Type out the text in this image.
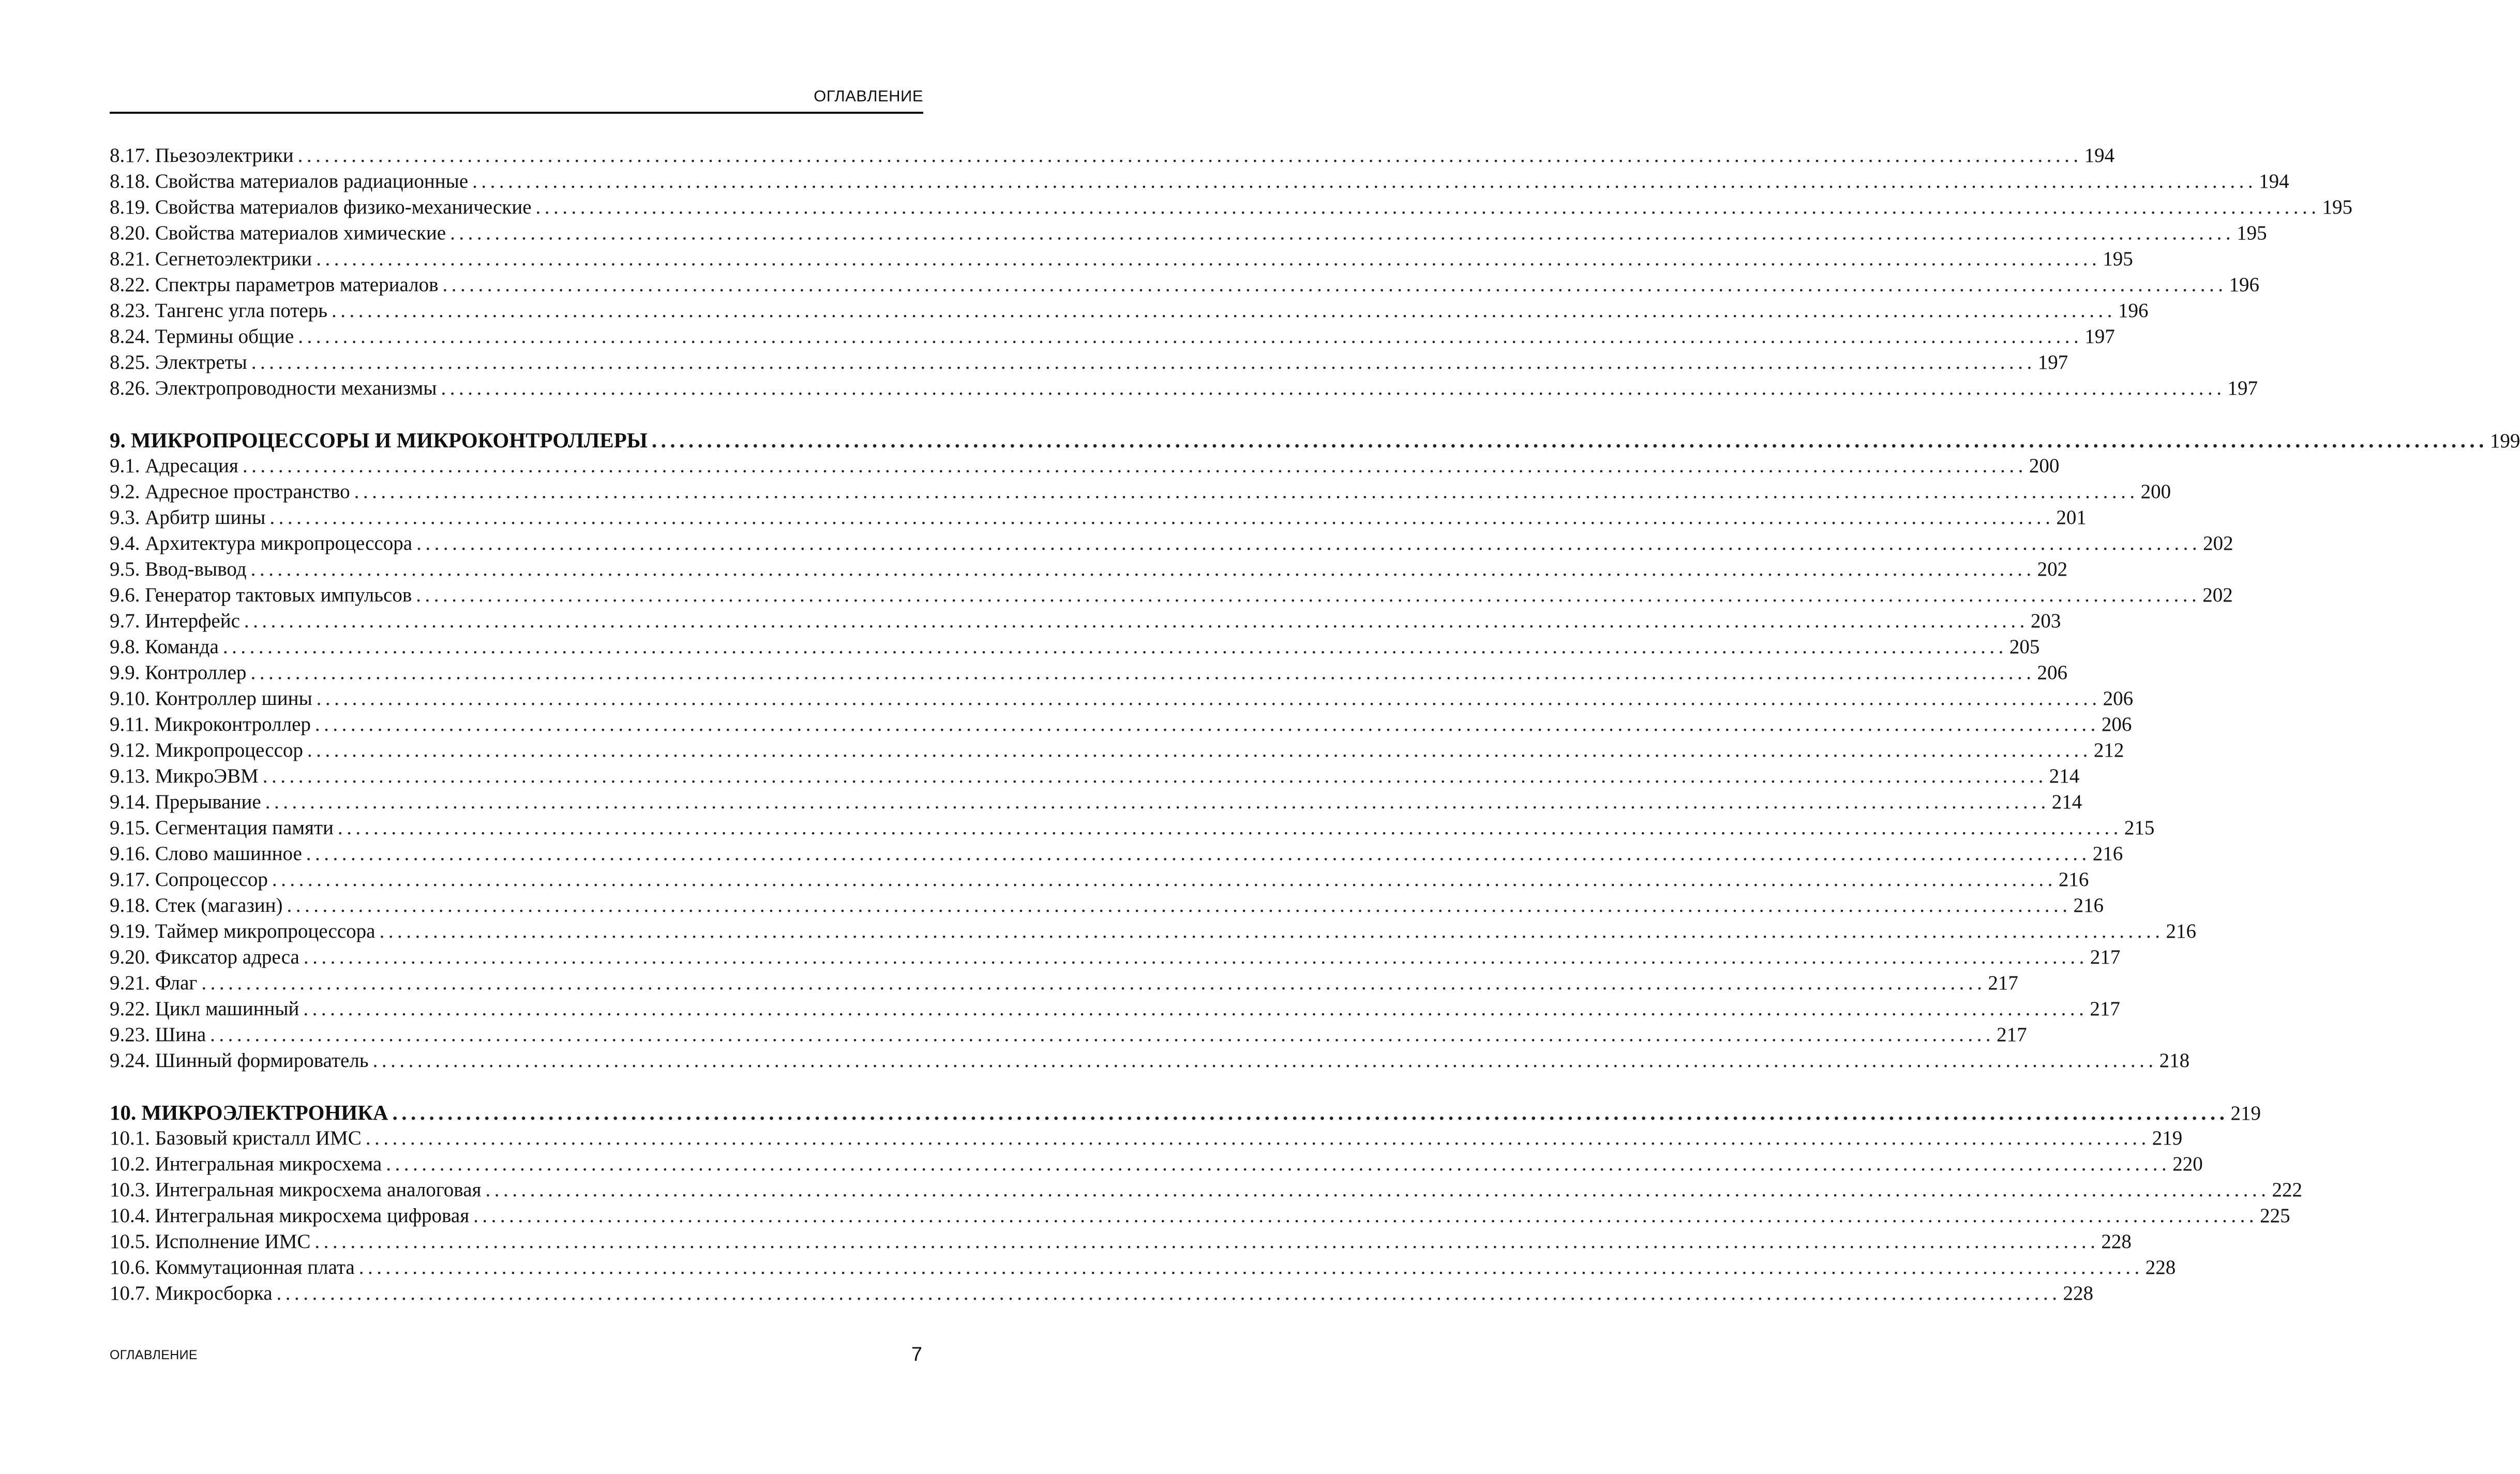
ОГЛАВЛЕНИЕ
8.17. Пьезоэлектрики ........................................................................................................................................................................................................ 194
8.18. Свойства материалов радиационные ........................................................................................................................................................................................................ 194
8.19. Свойства материалов физико-механические ........................................................................................................................................................................................................ 195
8.20. Свойства материалов химические ........................................................................................................................................................................................................ 195
8.21. Сегнетоэлектрики ........................................................................................................................................................................................................ 195
8.22. Спектры параметров материалов ........................................................................................................................................................................................................ 196
8.23. Тангенс угла потерь ........................................................................................................................................................................................................ 196
8.24. Термины общие ........................................................................................................................................................................................................ 197
8.25. Электреты ........................................................................................................................................................................................................ 197
8.26. Электропроводности механизмы ........................................................................................................................................................................................................ 197
9. МИКРОПРОЦЕССОРЫ И МИКРОКОНТРОЛЛЕРЫ ........................................................................................................................................................................................................ 199
9.1. Адресация ........................................................................................................................................................................................................ 200
9.2. Адресное пространство ........................................................................................................................................................................................................ 200
9.3. Арбитр шины ........................................................................................................................................................................................................ 201
9.4. Архитектура микропроцессора ........................................................................................................................................................................................................ 202
9.5. Ввод-вывод ........................................................................................................................................................................................................ 202
9.6. Генератор тактовых импульсов ........................................................................................................................................................................................................ 202
9.7. Интерфейс ........................................................................................................................................................................................................ 203
9.8. Команда ........................................................................................................................................................................................................ 205
9.9. Контроллер ........................................................................................................................................................................................................ 206
9.10. Контроллер шины ........................................................................................................................................................................................................ 206
9.11. Микроконтроллер ........................................................................................................................................................................................................ 206
9.12. Микропроцессор ........................................................................................................................................................................................................ 212
9.13. МикроЭВМ ........................................................................................................................................................................................................ 214
9.14. Прерывание ........................................................................................................................................................................................................ 214
9.15. Сегментация памяти ........................................................................................................................................................................................................ 215
9.16. Слово машинное ........................................................................................................................................................................................................ 216
9.17. Сопроцессор ........................................................................................................................................................................................................ 216
9.18. Стек (магазин) ........................................................................................................................................................................................................ 216
9.19. Таймер микропроцессора ........................................................................................................................................................................................................ 216
9.20. Фиксатор адреса ........................................................................................................................................................................................................ 217
9.21. Флаг ........................................................................................................................................................................................................ 217
9.22. Цикл машинный ........................................................................................................................................................................................................ 217
9.23. Шина ........................................................................................................................................................................................................ 217
9.24. Шинный формирователь ........................................................................................................................................................................................................ 218
10. МИКРОЭЛЕКТРОНИКА ........................................................................................................................................................................................................ 219
10.1. Базовый кристалл ИМС ........................................................................................................................................................................................................ 219
10.2. Интегральная микросхема ........................................................................................................................................................................................................ 220
10.3. Интегральная микросхема аналоговая ........................................................................................................................................................................................................ 222
10.4. Интегральная микросхема цифровая ........................................................................................................................................................................................................ 225
10.5. Исполнение ИМС ........................................................................................................................................................................................................ 228
10.6. Коммутационная плата ........................................................................................................................................................................................................ 228
10.7. Микросборка ........................................................................................................................................................................................................ 228
ОГЛАВЛЕНИЕ	7
